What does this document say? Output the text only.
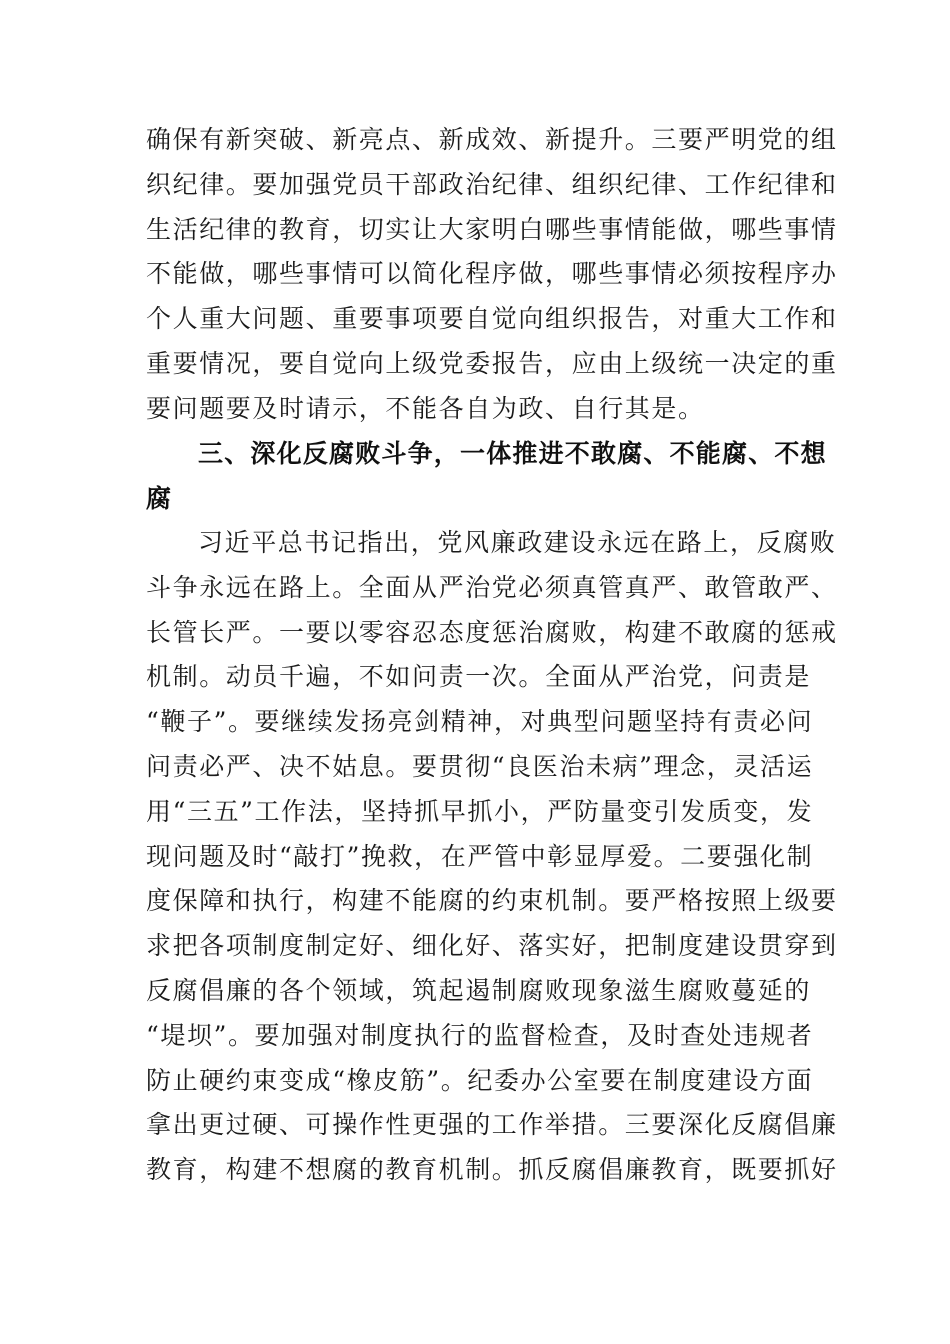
确保有新突破、新亮点、新成效、新提升。三要严明党的组
织纪律。要加强党员干部政治纪律、组织纪律、工作纪律和
生活纪律的教育，切实让大家明白哪些事情能做，哪些事情
不能做，哪些事情可以简化程序做，哪些事情必须按程序办
个人重大问题、重要事项要自觉向组织报告，对重大工作和
重要情况，要自觉向上级党委报告，应由上级统一决定的重
要问题要及时请示，不能各自为政、自行其是。

三、深化反腐败斗争，一体推进不敢腐、不能腐、不想
腐

习近平总书记指出，党风廉政建设永远在路上，反腐败
斗争永远在路上。全面从严治党必须真管真严、敢管敢严、
长管长严。一要以零容忍态度惩治腐败，构建不敢腐的惩戒
机制。动员千遍，不如问责一次。全面从严治党，问责是
“鞭子”。要继续发扬亮剑精神，对典型问题坚持有责必问
问责必严、决不姑息。要贯彻“良医治未病”理念，灵活运
用“三五”工作法，坚持抓早抓小，严防量变引发质变，发
现问题及时“敲打”挽救，在严管中彰显厚爱。二要强化制
度保障和执行，构建不能腐的约束机制。要严格按照上级要
求把各项制度制定好、细化好、落实好，把制度建设贯穿到
反腐倡廉的各个领域，筑起遏制腐败现象滋生腐败蔓延的
“堤坝”。要加强对制度执行的监督检查，及时查处违规者
防止硬约束变成“橡皮筋”。纪委办公室要在制度建设方面
拿出更过硬、可操作性更强的工作举措。三要深化反腐倡廉
教育，构建不想腐的教育机制。抓反腐倡廉教育，既要抓好
